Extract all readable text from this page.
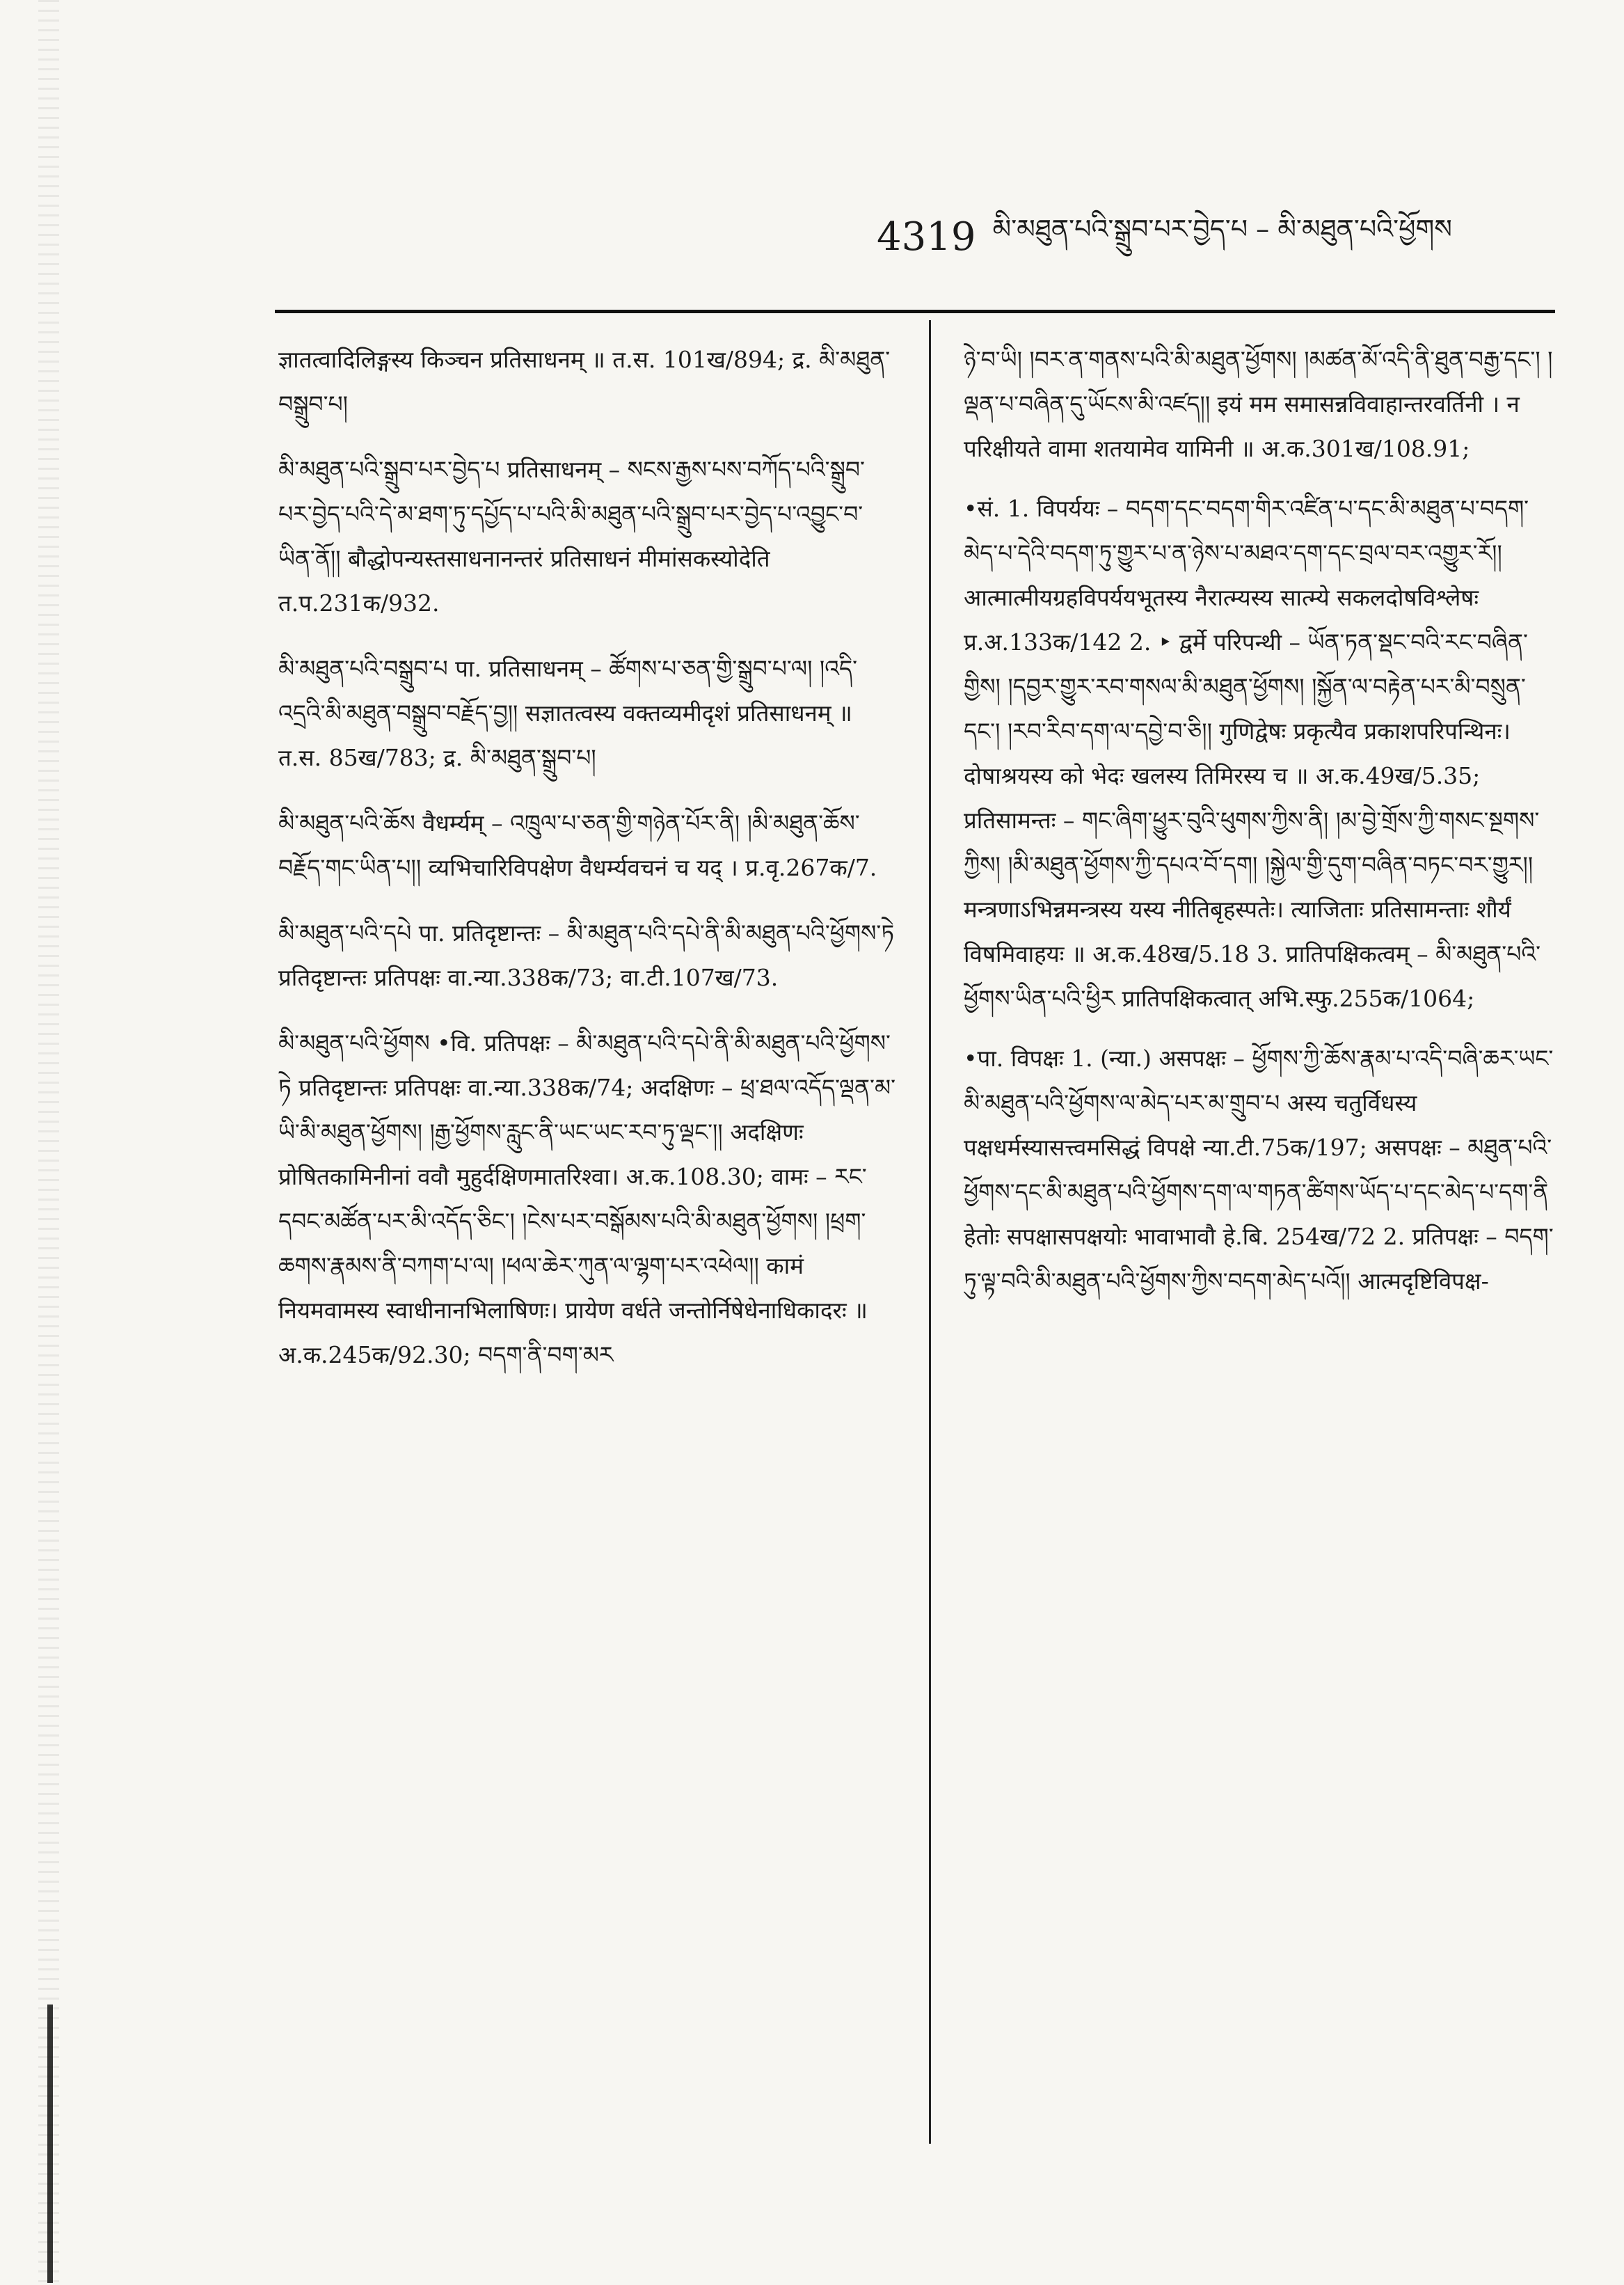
4319 མི་མཐུན་པའི་སྒྲུབ་པར་བྱེད་པ – མི་མཐུན་པའི་ཕྱོགས

ज्ञातत्वादिलिङ्गस्य किञ्चन प्रतिसाधनम् ॥ त.स. 101ख/894; द्र. མི་མཐུན་བསྒྲུབ་པ།

མི་མཐུན་པའི་སྒྲུབ་པར་བྱེད་པ प्रतिसाधनम् – སངས་རྒྱས་པས་བཀོད་པའི་སྒྲུབ་པར་བྱེད་པའི་དེ་མ་ཐག་ཏུ་དཔྱོད་པ་པའི་མི་མཐུན་པའི་སྒྲུབ་པར་བྱེད་པ་འབྱུང་བ་ཡིན་ནོ།། बौद्धोपन्यस्तसाधनानन्तरं प्रतिसाधनं मीमांसकस्योदेति त.प.231क/932.

མི་མཐུན་པའི་བསྒྲུབ་པ पा. प्रतिसाधनम् – ཚོགས་པ་ཅན་གྱི་སྒྲུབ་པ་ལ། །འདི་འདྲའི་མི་མཐུན་བསྒྲུབ་བརྗོད་བྱ།། सज्ञातत्वस्य वक्तव्यमीदृशं प्रतिसाधनम् ॥ त.स. 85ख/783; द्र. མི་མཐུན་སྒྲུབ་པ།

མི་མཐུན་པའི་ཆོས वैधर्म्यम् – འཁྲུལ་པ་ཅན་གྱི་གཉེན་པོར་ནི། །མི་མཐུན་ཆོས་བརྗོད་གང་ཡིན་པ།། व्यभिचारिविपक्षेण वैधर्म्यवचनं च यद् । प्र.वृ.267क/7.

མི་མཐུན་པའི་དཔེ पा. प्रतिदृष्टान्तः – མི་མཐུན་པའི་དཔེ་ནི་མི་མཐུན་པའི་ཕྱོགས་ཏེ प्रतिदृष्टान्तः प्रतिपक्षः वा.न्या.338क/73; वा.टी.107ख/73.

མི་མཐུན་པའི་ཕྱོགས •वि. प्रतिपक्षः – མི་མཐུན་པའི་དཔེ་ནི་མི་མཐུན་པའི་ཕྱོགས་ཏེ प्रतिदृष्टान्तः प्रतिपक्षः वा.न्या.338क/74; अदक्षिणः – ཕྲ་ཐལ་འདོད་ལྡན་མ་ཡི་མི་མཐུན་ཕྱོགས། །རྒྱ་ཕྱོགས་རླུང་ནི་ཡང་ཡང་རབ་ཏུ་ལྡང་།། अदक्षिणः प्रोषितकामिनीनां ववौ मुहुर्दक्षिणमातरिश्वा। अ.क.108.30; वामः – རང་དབང་མཚོན་པར་མི་འདོད་ཅིང་། །ངེས་པར་བསྒོམས་པའི་མི་མཐུན་ཕྱོགས། །ཕྲག་ཆགས་རྣམས་ནི་བཀག་པ་ལ། །ཕལ་ཆེར་ཀུན་ལ་ལྷག་པར་འཕེལ།། कामं नियमवामस्य स्वाधीनानभिलाषिणः। प्रायेण वर्धते जन्तोर्निषेधेनाधिकादरः ॥ अ.क.245क/92.30; བདག་ནི་བག་མར

ཉེ་བ་ཡི། །བར་ན་གནས་པའི་མི་མཐུན་ཕྱོགས། །མཚན་མོ་འདི་ནི་ཐུན་བརྒྱ་དང་། །ལྡན་པ་བཞིན་དུ་ཡོངས་མི་འཛད།། इयं मम समासन्नविवाहान्तरवर्तिनी । न परिक्षीयते वामा शतयामेव यामिनी ॥ अ.क.301ख/108.91;

•सं. 1. विपर्ययः – བདག་དང་བདག་གིར་འཛིན་པ་དང་མི་མཐུན་པ་བདག་མེད་པ་དེའི་བདག་ཏུ་གྱུར་པ་ན་ཉེས་པ་མཐའ་དག་དང་བྲལ་བར་འགྱུར་རོ།། आत्मात्मीयग्रहविपर्ययभूतस्य नैरात्म्यस्य सात्म्ये सकलदोषविश्लेषः प्र.अ.133क/142 2. ‣ द्वर्मे परिपन्थी – ཡོན་ཏན་སྡང་བའི་རང་བཞིན་གྱིས། །དབྱར་གྱུར་རབ་གསལ་མི་མཐུན་ཕྱོགས། །སྐྱོན་ལ་བརྟེན་པར་མི་བསྲུན་དང་། །རབ་རིབ་དག་ལ་དབྱེ་བ་ཅི།། गुणिद्वेषः प्रकृत्यैव प्रकाशपरिपन्थिनः। दोषाश्रयस्य को भेदः खलस्य तिमिरस्य च ॥ अ.क.49ख/5.35; प्रतिसामन्तः – གང་ཞིག་ཕྱུར་བུའི་ཕུགས་ཀྱིས་ནི། །མ་བྱེ་གྲོས་ཀྱི་གསང་སྔགས་ཀྱིས། །མི་མཐུན་ཕྱོགས་ཀྱི་དཔའ་བོ་དག། །སྐྱེལ་གྱི་དུག་བཞིན་བཏང་བར་གྱུར།། मन्त्रणाऽभिन्नमन्त्रस्य यस्य नीतिबृहस्पतेः। त्याजिताः प्रतिसामन्ताः शौर्यं विषमिवाहयः ॥ अ.क.48ख/5.18 3. प्रातिपक्षिकत्वम् – མི་མཐུན་པའི་ཕྱོགས་ཡིན་པའི་ཕྱིར प्रातिपक्षिकत्वात् अभि.स्फु.255क/1064;

•पा. विपक्षः 1. (न्या.) असपक्षः – ཕྱོགས་ཀྱི་ཆོས་རྣམ་པ་འདི་བཞི་ཆར་ཡང་མི་མཐུན་པའི་ཕྱོགས་ལ་མེད་པར་མ་གྲུབ་པ अस्य चतुर्विधस्य पक्षधर्मस्यासत्त्वमसिद्धं विपक्षे न्या.टी.75क/197; असपक्षः – མཐུན་པའི་ཕྱོགས་དང་མི་མཐུན་པའི་ཕྱོགས་དག་ལ་གཏན་ཚིགས་ཡོད་པ་དང་མེད་པ་དག་ནི हेतोः सपक्षासपक्षयोः भावाभावौ हे.बि. 254ख/72 2. प्रतिपक्षः – བདག་ཏུ་ལྟ་བའི་མི་མཐུན་པའི་ཕྱོགས་ཀྱིས་བདག་མེད་པའོ།། आत्मदृष्टिविपक्ष-
